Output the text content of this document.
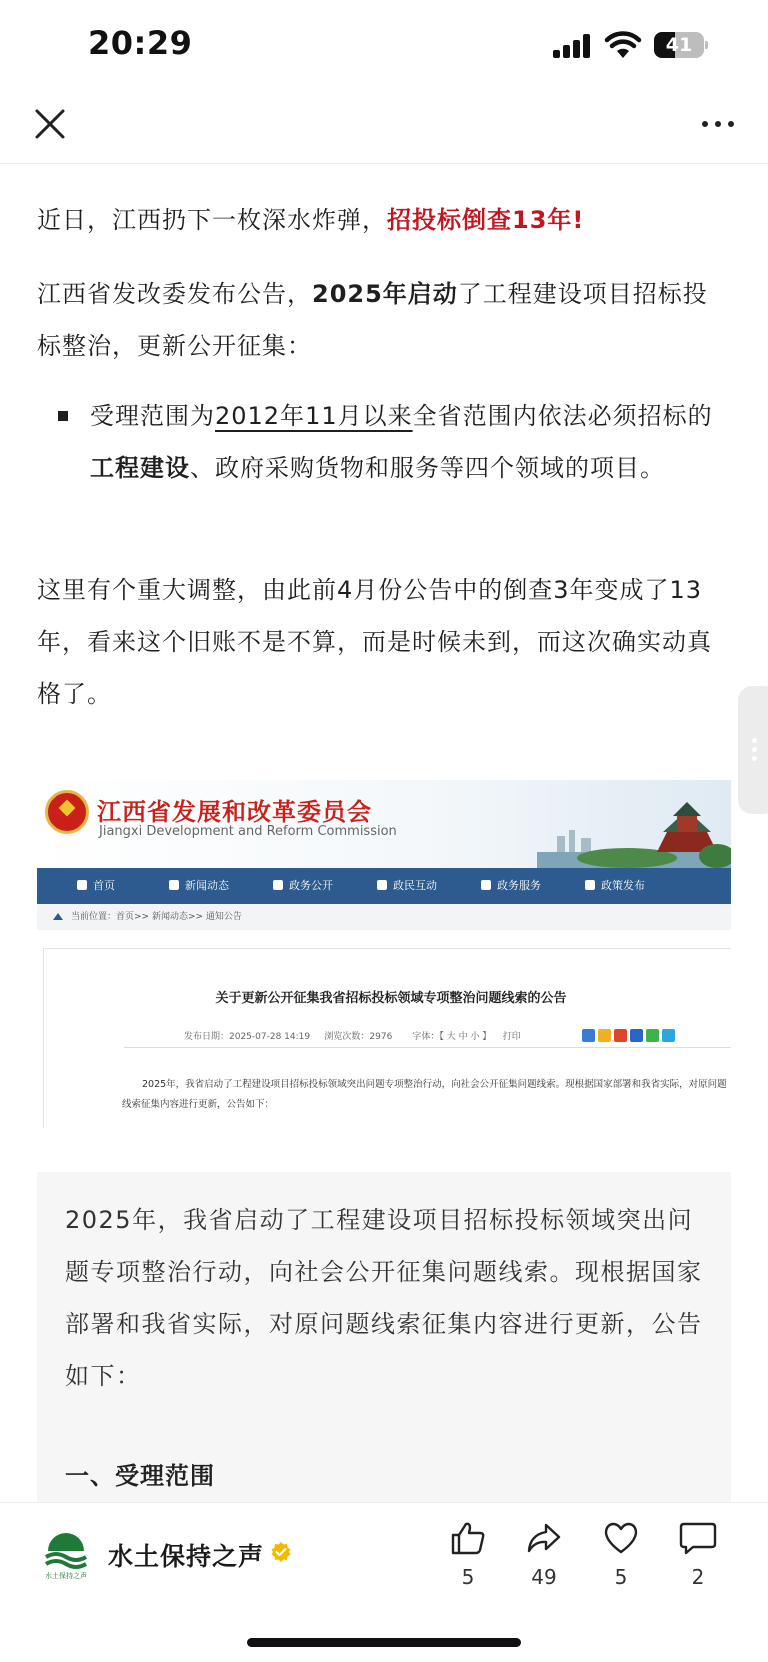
20:29	41

近日，江西扔下一枚深水炸弹，招投标倒查13年!

江西省发改委发布公告，2025年启动了工程建设项目招标投标整治，更新公开征集：

受理范围为2012年11月以来全省范围内依法必须招标的工程建设、政府采购货物和服务等四个领域的项目。

这里有个重大调整，由此前4月份公告中的倒查3年变成了13年，看来这个旧账不是不算，而是时候未到，而这次确实动真格了。

江西省发展和改革委员会
Jiangxi Development and Reform Commission
首页	新闻动态	政务公开	政民互动	政务服务	政策发布
当前位置：首页>> 新闻动态>> 通知公告
关于更新公开征集我省招标投标领域专项整治问题线索的公告
发布日期：2025-07-28 14:19 浏览次数：2976 字体：【 大 中 小 】 打印
2025年，我省启动了工程建设项目招标投标领域突出问题专项整治行动，向社会公开征集问题线索。现根据国家部署和我省实际，对原问题线索征集内容进行更新，公告如下：
2025年，我省启动了工程建设项目招标投标领域突出问题专项整治行动，向社会公开征集问题线索。现根据国家部署和我省实际，对原问题线索征集内容进行更新，公告如下：
一、受理范围
水土保持之声
水土保持之声
5	49	5	2
